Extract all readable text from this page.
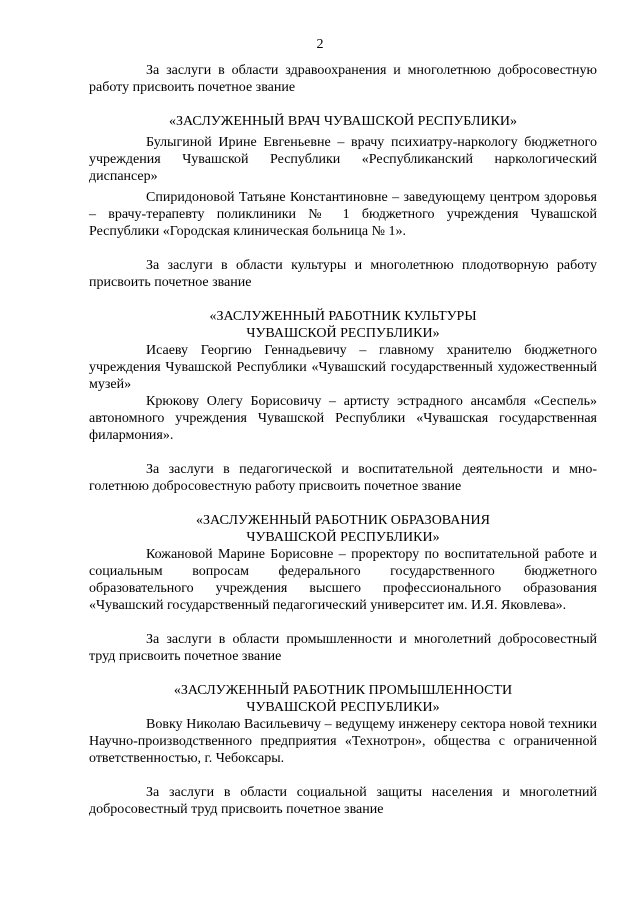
2

За заслуги в области здравоохранения и многолетнюю добросовестную работу присвоить почетное звание

«ЗАСЛУЖЕННЫЙ ВРАЧ ЧУВАШСКОЙ РЕСПУБЛИКИ»

Булыгиной Ирине Евгеньевне – врачу психиатру-наркологу бюджетного учреждения Чувашской Республики «Республиканский наркологический диспансер»

Спиридоновой Татьяне Константиновне – заведующему центром здоровья – врачу-терапевту поликлиники № 1 бюджетного учреждения Чувашской Республики «Городская клиническая больница № 1».

За заслуги в области культуры и многолетнюю плодотворную работу присвоить почетное звание

«ЗАСЛУЖЕННЫЙ РАБОТНИК КУЛЬТУРЫ

ЧУВАШСКОЙ РЕСПУБЛИКИ»

Исаеву Георгию Геннадьевичу – главному хранителю бюджетного учреждения Чувашской Республики «Чувашский государственный художественный музей»

Крюкову Олегу Борисовичу – артисту эстрадного ансамбля «Сеспель» автономного учреждения Чувашской Республики «Чувашская государственная филармония».

За заслуги в педагогической и воспитательной деятельности и многолетнюю добросовестную работу присвоить почетное звание

«ЗАСЛУЖЕННЫЙ РАБОТНИК ОБРАЗОВАНИЯ

ЧУВАШСКОЙ РЕСПУБЛИКИ»

Кожановой Марине Борисовне – проректору по воспитательной работе и социальным вопросам федерального государственного бюджетного образовательного учреждения высшего профессионального образования «Чувашский государственный педагогический университет им. И.Я. Яковлева».

За заслуги в области промышленности и многолетний добросовестный труд присвоить почетное звание

«ЗАСЛУЖЕННЫЙ РАБОТНИК ПРОМЫШЛЕННОСТИ

ЧУВАШСКОЙ РЕСПУБЛИКИ»

Вовку Николаю Васильевичу – ведущему инженеру сектора новой техники Научно-производственного предприятия «Технотрон», общества с ограниченной ответственностью, г. Чебоксары.

За заслуги в области социальной защиты населения и многолетний добросовестный труд присвоить почетное звание
